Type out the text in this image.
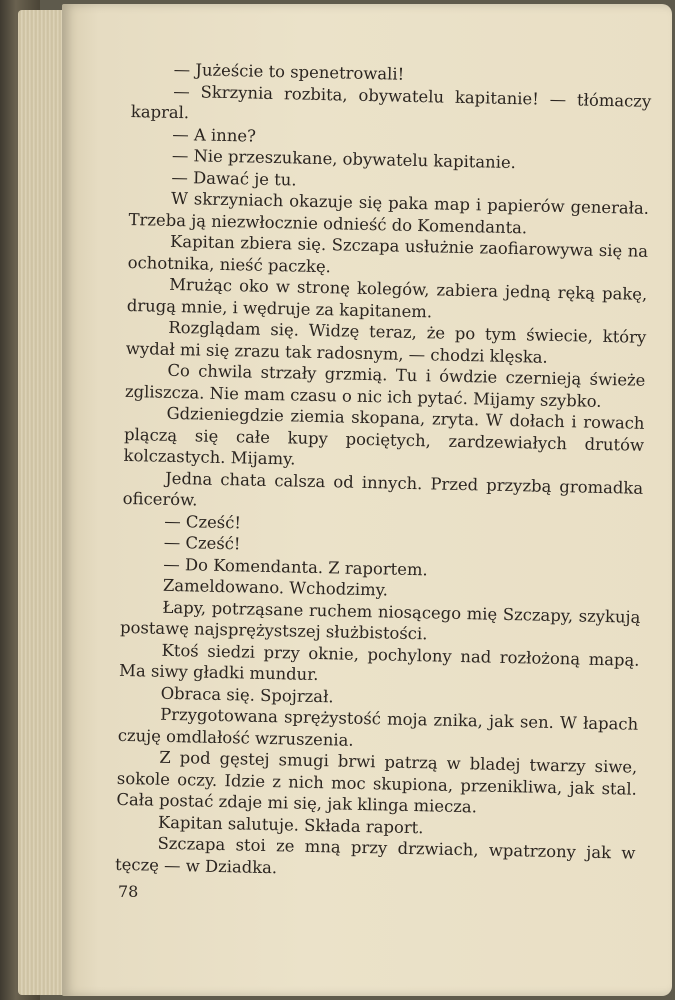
— Jużeście to spenetrowali!

— Skrzynia rozbita, obywatelu kapitanie! — tłómaczy kapral.

— A inne?

— Nie przeszukane, obywatelu kapitanie.

— Dawać je tu.

W skrzyniach okazuje się paka map i papierów generała. Trzeba ją niezwłocznie odnieść do Komendanta.

Kapitan zbiera się. Szczapa usłużnie zaofiarowywa się na ochotnika, nieść paczkę.

Mrużąc oko w stronę kolegów, zabiera jedną ręką pakę, drugą mnie, i wędruje za kapitanem.

Rozglądam się. Widzę teraz, że po tym świecie, który wydał mi się zrazu tak radosnym, — chodzi klęska.

Co chwila strzały grzmią. Tu i ówdzie czernieją świeże zgliszcza. Nie mam czasu o nic ich pytać. Mijamy szybko.

Gdzieniegdzie ziemia skopana, zryta. W dołach i rowach plączą się całe kupy pociętych, zardzewiałych drutów kolczastych. Mijamy.

Jedna chata calsza od innych. Przed przyzbą gromadka oficerów.

— Cześć!

— Cześć!

— Do Komendanta. Z raportem.

Zameldowano. Wchodzimy.

Łapy, potrząsane ruchem niosącego mię Szczapy, szykują postawę najsprężystszej służbistości.

Ktoś siedzi przy oknie, pochylony nad rozłożoną mapą. Ma siwy gładki mundur.

Obraca się. Spojrzał.

Przygotowana sprężystość moja znika, jak sen. W łapach czuję omdlałość wzruszenia.

Z pod gęstej smugi brwi patrzą w bladej twarzy siwe, sokole oczy. Idzie z nich moc skupiona, przenikliwa, jak stal. Cała postać zdaje mi się, jak klinga miecza.

Kapitan salutuje. Składa raport.

Szczapa stoi ze mną przy drzwiach, wpatrzony jak w tęczę — w Dziadka.

78
